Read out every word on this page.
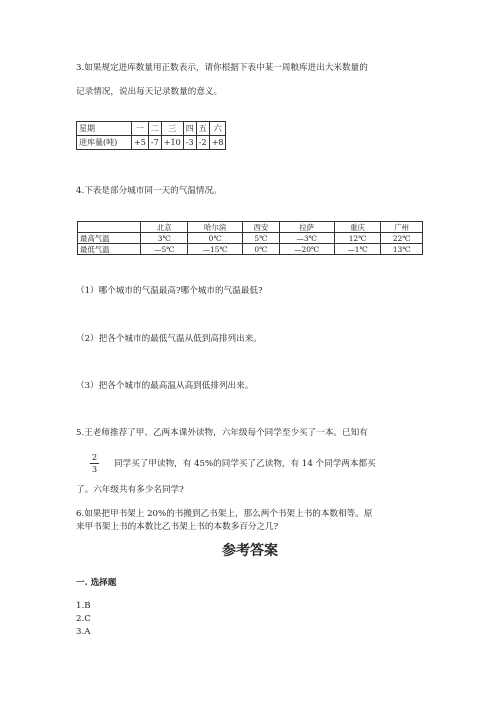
3.如果规定进库数量用正数表示，请你根据下表中某一周粮库进出大米数量的
记录情况，说出每天记录数量的意义。
星期	一	二	三	四	五	六
进库量(吨)	+5	-7	+10	-3	-2	+8
4.下表是部分城市同一天的气温情况。
	北京	哈尔滨	西安	拉萨	重庆	广州
最高气温	3℃	0℃	5℃	—3℃	12℃	22℃
最低气温	—5℃	—15℃	0℃	—20℃	—1℃	13℃
（1）哪个城市的气温最高?哪个城市的气温最低?
（2）把各个城市的最低气温从低到高排列出来。
（3）把各个城市的最高温从高到低排列出来。
5.王老师推荐了甲、乙两本课外读物，六年级每个同学至少买了一本。已知有
2
3
同学买了甲读物，有 45%的同学买了乙读物，有 14 个同学两本都买
了。六年级共有多少名同学?
6.如果把甲书架上 20%的书搬到乙书架上，那么两个书架上书的本数相等。原
来甲书架上书的本数比乙书架上书的本数多百分之几?
参考答案
一. 选择题
1.B
2.C
3.A
